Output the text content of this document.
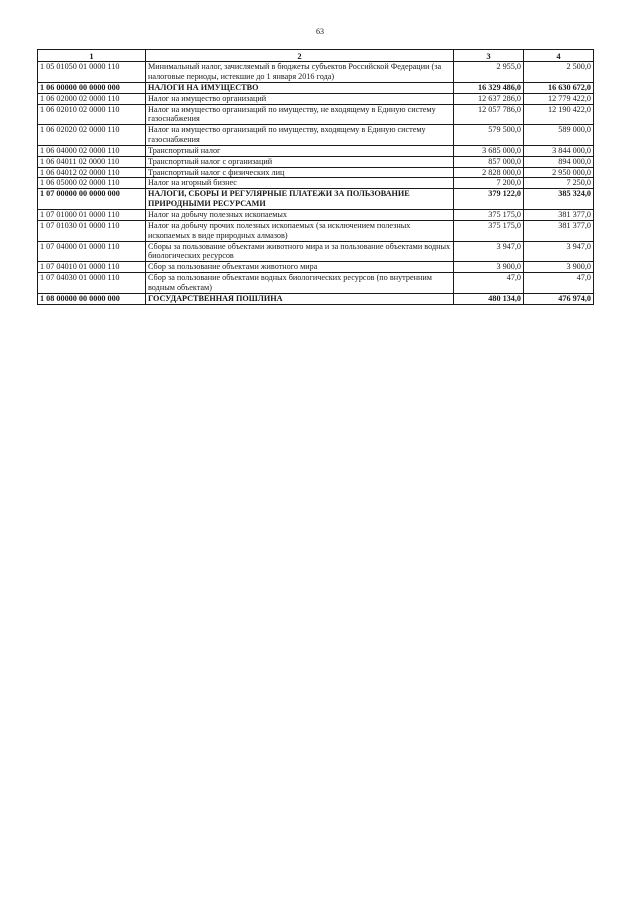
63
1	2	3	4
1 05 01050 01 0000 110	Минимальный налог, зачисляемый в бюджеты субъектов Российской Федерации (за налоговые периоды, истекшие до 1 января 2016 года)	2 955,0	2 500,0
1 06 00000 00 0000 000	НАЛОГИ НА ИМУЩЕСТВО	16 329 486,0	16 630 672,0
1 06 02000 02 0000 110	Налог на имущество организаций	12 637 286,0	12 779 422,0
1 06 02010 02 0000 110	Налог на имущество организаций по имуществу, не входящему в Единую систему газоснабжения	12 057 786,0	12 190 422,0
1 06 02020 02 0000 110	Налог на имущество организаций по имуществу, входящему в Единую систему газоснабжения	579 500,0	589 000,0
1 06 04000 02 0000 110	Транспортный налог	3 685 000,0	3 844 000,0
1 06 04011 02 0000 110	Транспортный налог с организаций	857 000,0	894 000,0
1 06 04012 02 0000 110	Транспортный налог с физических лиц	2 828 000,0	2 950 000,0
1 06 05000 02 0000 110	Налог на игорный бизнес	7 200,0	7 250,0
1 07 00000 00 0000 000	НАЛОГИ, СБОРЫ И РЕГУЛЯРНЫЕ ПЛАТЕЖИ ЗА ПОЛЬЗОВАНИЕ ПРИРОДНЫМИ РЕСУРСАМИ	379 122,0	385 324,0
1 07 01000 01 0000 110	Налог на добычу полезных ископаемых	375 175,0	381 377,0
1 07 01030 01 0000 110	Налог на добычу прочих полезных ископаемых (за исключением полезных ископаемых в виде природных алмазов)	375 175,0	381 377,0
1 07 04000 01 0000 110	Сборы за пользование объектами животного мира и за пользование объектами водных биологических ресурсов	3 947,0	3 947,0
1 07 04010 01 0000 110	Сбор за пользование объектами животного мира	3 900,0	3 900,0
1 07 04030 01 0000 110	Сбор за пользование объектами водных биологических ресурсов (по внутренним водным объектам)	47,0	47,0
1 08 00000 00 0000 000	ГОСУДАРСТВЕННАЯ ПОШЛИНА	480 134,0	476 974,0
